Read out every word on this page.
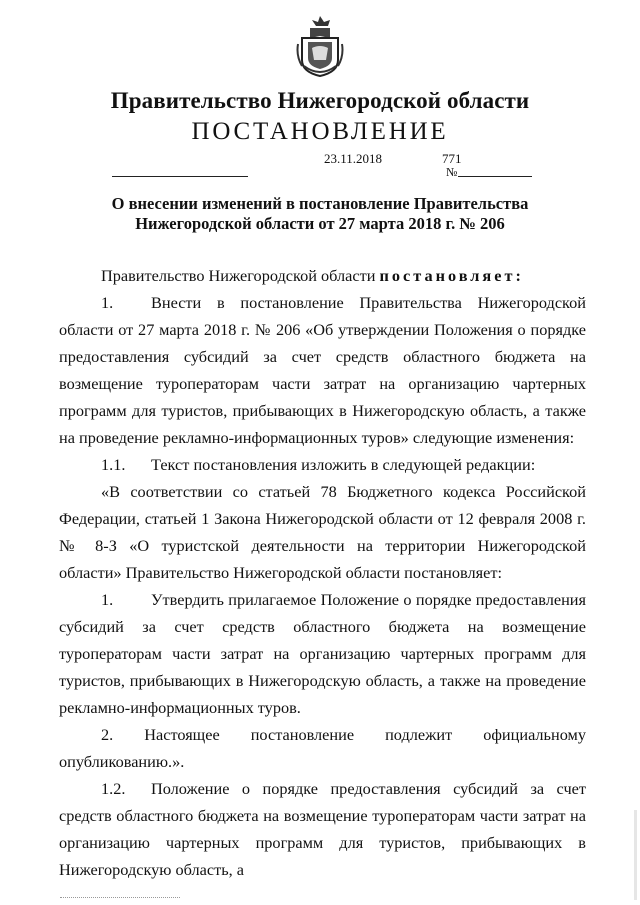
Правительство Нижегородской области
ПОСТАНОВЛЕНИЕ
23.11.2018
№
771
О внесении изменений в постановление Правительства
Нижегородской области от 27 марта 2018 г. № 206

Правительство Нижегородской области постановляет:

1. Внести в постановление Правительства Нижегородской области от 27 марта 2018 г. № 206 «Об утверждении Положения о порядке предоставления субсидий за счет средств областного бюджета на возмещение туроператорам части затрат на организацию чартерных программ для туристов, прибывающих в Нижегородскую область, а также на проведение рекламно-информационных туров» следующие изменения:

1.1. Текст постановления изложить в следующей редакции:

«В соответствии со статьей 78 Бюджетного кодекса Российской Федерации, статьей 1 Закона Нижегородской области от 12 февраля 2008 г. № 8-З «О туристской деятельности на территории Нижегородской области» Правительство Нижегородской области постановляет:

1. Утвердить прилагаемое Положение о порядке предоставления субсидий за счет средств областного бюджета на возмещение туроператорам части затрат на организацию чартерных программ для туристов, прибывающих в Нижегородскую область, а также на проведение рекламно-информационных туров.

2. Настоящее постановление подлежит официальному
опубликованию.».

1.2. Положение о порядке предоставления субсидий за счет средств областного бюджета на возмещение туроператорам части затрат на организацию чартерных программ для туристов, прибывающих в Нижегородскую область, а
